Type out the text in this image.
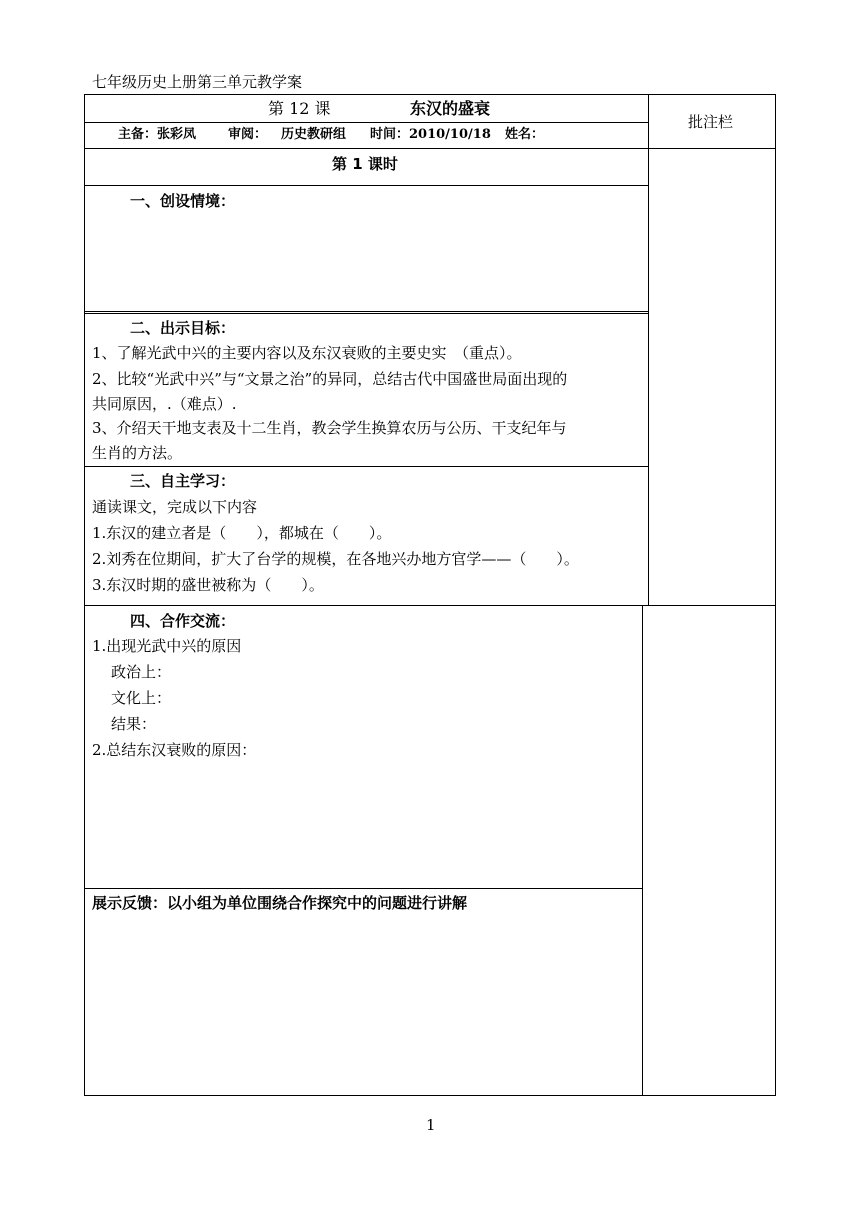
七年级历史上册第三单元教学案
第 12 课	东汉的盛衰
批注栏
主备：张彩凤 审阅： 历史教研组 时间：2010/10/18 姓名：
第 1 课时
一、创设情境：
二、出示目标：
1、了解光武中兴的主要内容以及东汉衰败的主要史实　（重点）。
2、比较“光武中兴”与“文景之治”的异同，总结古代中国盛世局面出现的
共同原因，.（难点）.
3、介绍天干地支表及十二生肖，教会学生换算农历与公历、干支纪年与
生肖的方法。
三、自主学习：
通读课文，完成以下内容
1.东汉的建立者是（　　），都城在（　　）。
2.刘秀在位期间，扩大了台学的规模，在各地兴办地方官学——（　　）。
3.东汉时期的盛世被称为（　　）。
四、合作交流：
1.出现光武中兴的原因
政治上：
文化上：
结果：
2.总结东汉衰败的原因：
展示反馈：以小组为单位围绕合作探究中的问题进行讲解
1
